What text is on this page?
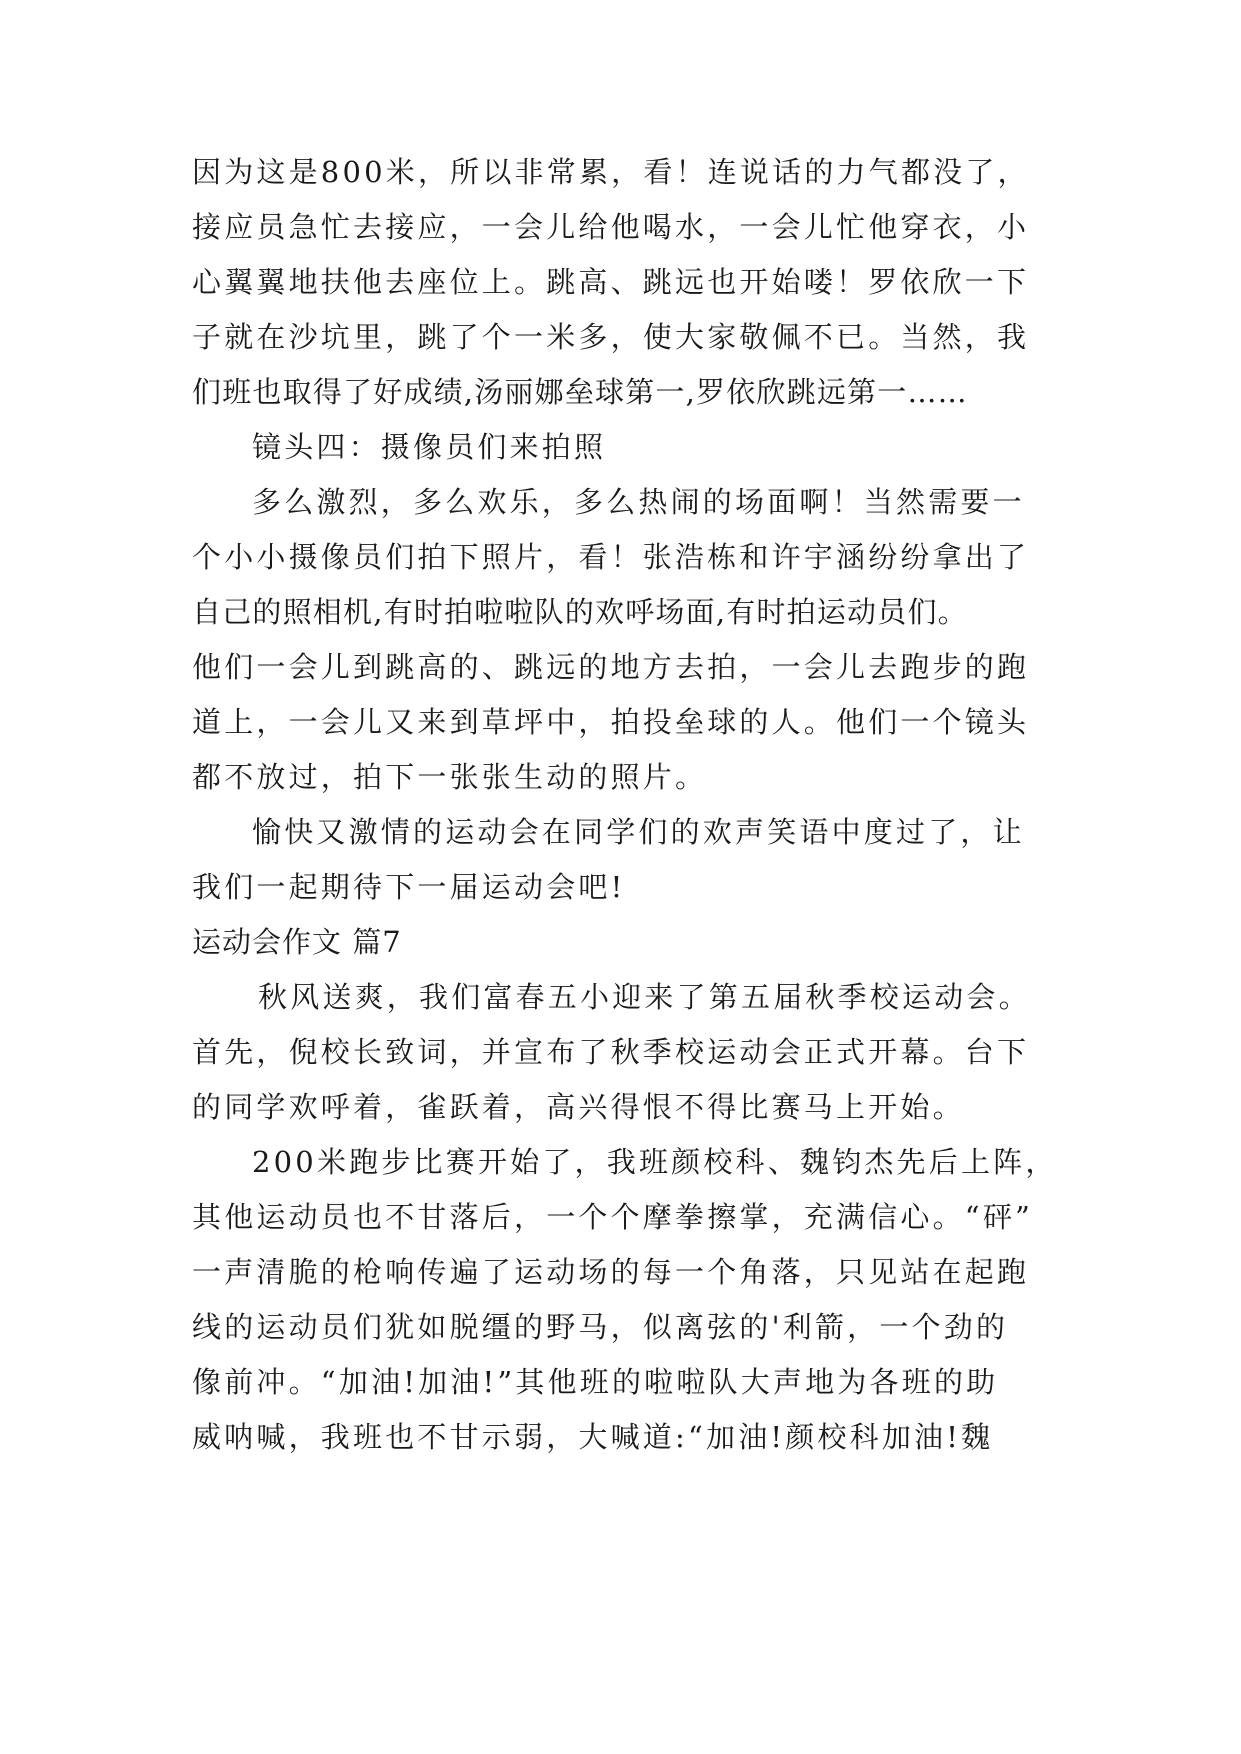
因为这是800米，所以非常累，看！连说话的力气都没了，
接应员急忙去接应，一会儿给他喝水，一会儿忙他穿衣，小
心翼翼地扶他去座位上。跳高、跳远也开始喽！罗依欣一下
子就在沙坑里，跳了个一米多，使大家敬佩不已。当然，我
们班也取得了好成绩,汤丽娜垒球第一,罗依欣跳远第一……
镜头四：摄像员们来拍照
多么激烈，多么欢乐，多么热闹的场面啊！当然需要一
个小小摄像员们拍下照片，看！张浩栋和许宇涵纷纷拿出了
自己的照相机,有时拍啦啦队的欢呼场面,有时拍运动员们。
他们一会儿到跳高的、跳远的地方去拍，一会儿去跑步的跑
道上，一会儿又来到草坪中，拍投垒球的人。他们一个镜头
都不放过，拍下一张张生动的照片。
愉快又激情的运动会在同学们的欢声笑语中度过了，让
我们一起期待下一届运动会吧!
运动会作文 篇7
秋风送爽，我们富春五小迎来了第五届秋季校运动会。
首先，倪校长致词，并宣布了秋季校运动会正式开幕。台下
的同学欢呼着，雀跃着，高兴得恨不得比赛马上开始。
200米跑步比赛开始了，我班颜校科、魏钧杰先后上阵，
其他运动员也不甘落后，一个个摩拳擦掌，充满信心。“砰”
一声清脆的枪响传遍了运动场的每一个角落，只见站在起跑
线的运动员们犹如脱缰的野马，似离弦的'利箭，一个劲的
像前冲。“加油!加油!”其他班的啦啦队大声地为各班的助
威呐喊，我班也不甘示弱，大喊道:“加油!颜校科加油!魏
